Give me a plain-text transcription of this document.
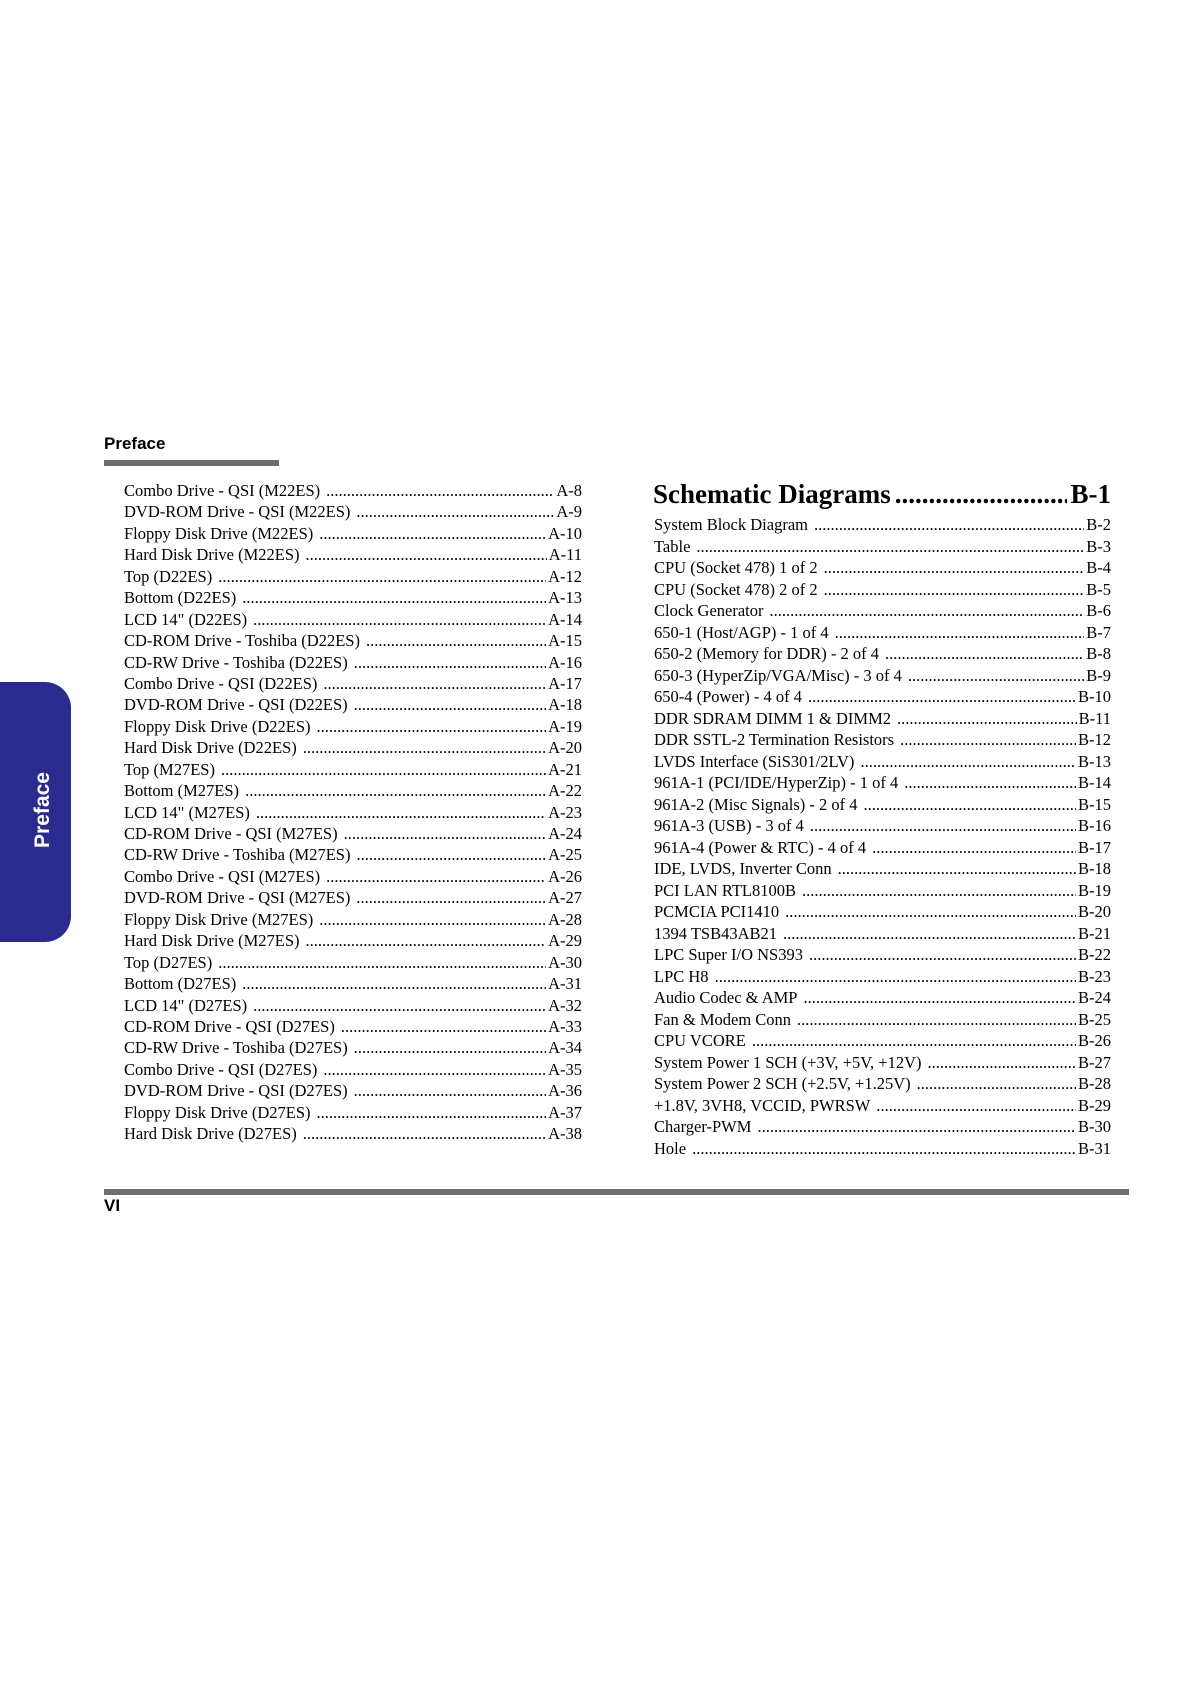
Preface
Preface
Combo Drive - QSI (M22ES) .....	A-8
DVD-ROM Drive - QSI (M22ES) .....	A-9
Floppy Disk Drive (M22ES) .....	A-10
Hard Disk Drive (M22ES) .....	A-11
Top (D22ES) .....	A-12
Bottom (D22ES) .....	A-13
LCD 14" (D22ES) .....	A-14
CD-ROM Drive - Toshiba (D22ES) .....	A-15
CD-RW Drive - Toshiba (D22ES) .....	A-16
Combo Drive - QSI (D22ES) .....	A-17
DVD-ROM Drive - QSI (D22ES) .....	A-18
Floppy Disk Drive (D22ES) .....	A-19
Hard Disk Drive (D22ES) .....	A-20
Top (M27ES) .....	A-21
Bottom (M27ES) .....	A-22
LCD 14" (M27ES) .....	A-23
CD-ROM Drive - QSI (M27ES) .....	A-24
CD-RW Drive - Toshiba (M27ES) .....	A-25
Combo Drive - QSI (M27ES) .....	A-26
DVD-ROM Drive - QSI (M27ES) .....	A-27
Floppy Disk Drive (M27ES) .....	A-28
Hard Disk Drive (M27ES) .....	A-29
Top (D27ES) .....	A-30
Bottom (D27ES) .....	A-31
LCD 14" (D27ES) .....	A-32
CD-ROM Drive - QSI (D27ES) .....	A-33
CD-RW Drive - Toshiba (D27ES) .....	A-34
Combo Drive - QSI (D27ES) .....	A-35
DVD-ROM Drive - QSI (D27ES) .....	A-36
Floppy Disk Drive (D27ES) .....	A-37
Hard Disk Drive (D27ES) .....	A-38
Schematic Diagrams .....	B-1
System Block Diagram .....	B-2
Table .....	B-3
CPU (Socket 478) 1 of 2 .....	B-4
CPU (Socket 478) 2 of 2 .....	B-5
Clock Generator .....	B-6
650-1 (Host/AGP) - 1 of 4 .....	B-7
650-2 (Memory for DDR) - 2 of 4 .....	B-8
650-3 (HyperZip/VGA/Misc) - 3 of 4 .....	B-9
650-4 (Power) - 4 of 4 .....	B-10
DDR SDRAM DIMM 1 & DIMM2 .....	B-11
DDR SSTL-2 Termination Resistors .....	B-12
LVDS Interface (SiS301/2LV) .....	B-13
961A-1 (PCI/IDE/HyperZip) - 1 of 4 .....	B-14
961A-2 (Misc Signals) - 2 of 4 .....	B-15
961A-3 (USB) - 3 of 4 .....	B-16
961A-4 (Power & RTC) - 4 of 4 .....	B-17
IDE, LVDS, Inverter Conn .....	B-18
PCI LAN RTL8100B .....	B-19
PCMCIA PCI1410 .....	B-20
1394 TSB43AB21 .....	B-21
LPC Super I/O NS393 .....	B-22
LPC H8 .....	B-23
Audio Codec & AMP .....	B-24
Fan & Modem Conn .....	B-25
CPU VCORE .....	B-26
System Power 1 SCH (+3V, +5V, +12V) .....	B-27
System Power 2 SCH (+2.5V, +1.25V) .....	B-28
+1.8V, 3VH8, VCCID, PWRSW .....	B-29
Charger-PWM .....	B-30
Hole .....	B-31
VI
